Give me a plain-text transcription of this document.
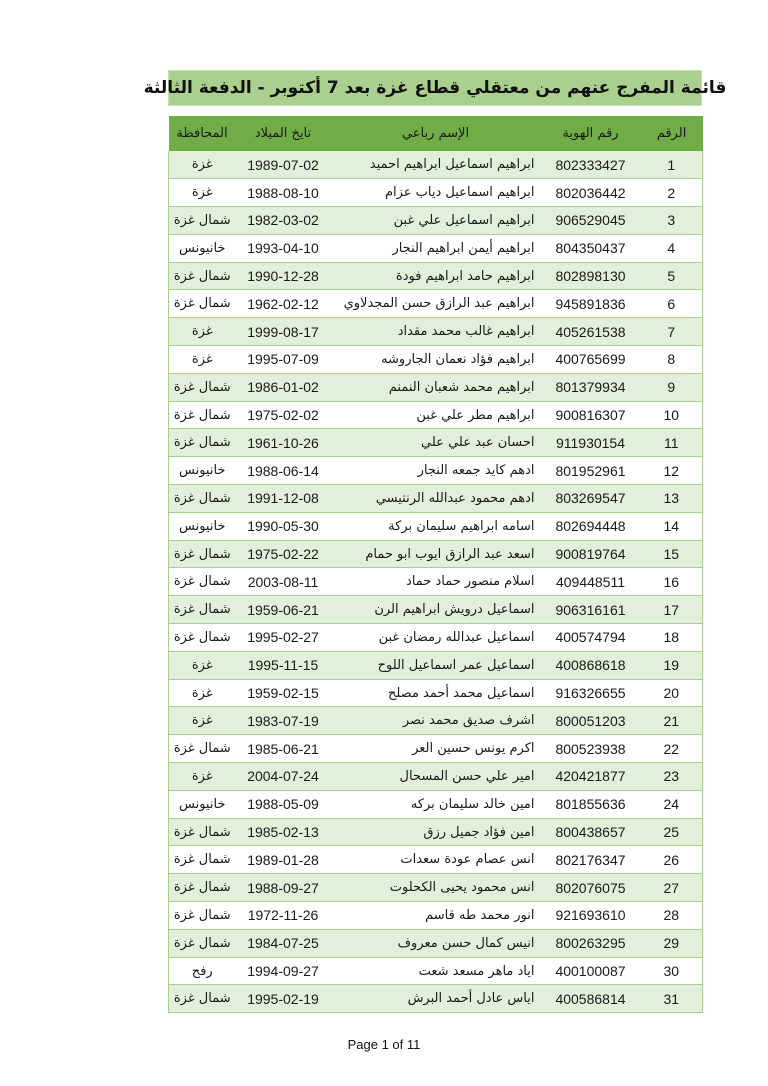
قائمة المفرج عنهم من معتقلي قطاع غزة بعد 7 أكتوبر - الدفعة الثالثة
الرقم	رقم الهوية	الإسم رباعي	تايخ الميلاد	المحافظة
1	802333427	ابراهيم اسماعيل ابراهيم احميد	1989-07-02	غزة
2	802036442	ابراهيم اسماعيل دياب عزام	1988-08-10	غزة
3	906529045	ابراهيم اسماعيل علي غبن	1982-03-02	شمال غزة
4	804350437	ابراهيم أيمن ابراهيم النجار	1993-04-10	خانيونس
5	802898130	ابراهيم حامد ابراهيم فودة	1990-12-28	شمال غزة
6	945891836	ابراهيم عبد الرازق حسن المجدلاوي	1962-02-12	شمال غزة
7	405261538	ابراهيم غالب محمد مقداد	1999-08-17	غزة
8	400765699	ابراهيم فؤاد نعمان الجاروشه	1995-07-09	غزة
9	801379934	ابراهيم محمد شعبان النمنم	1986-01-02	شمال غزة
10	900816307	ابراهيم مطر علي غبن	1975-02-02	شمال غزة
11	911930154	احسان عبد علي علي	1961-10-26	شمال غزة
12	801952961	ادهم كايد جمعه النجار	1988-06-14	خانيونس
13	803269547	ادهم محمود عبدالله الرنتيسي	1991-12-08	شمال غزة
14	802694448	اسامه ابراهيم سليمان بركة	1990-05-30	خانيونس
15	900819764	اسعد عبد الرازق ايوب ابو حمام	1975-02-22	شمال غزة
16	409448511	اسلام منصور حماد حماد	2003-08-11	شمال غزة
17	906316161	اسماعيل درويش ابراهيم الرن	1959-06-21	شمال غزة
18	400574794	اسماعيل عبدالله رمضان غبن	1995-02-27	شمال غزة
19	400868618	اسماعيل عمر اسماعيل اللوح	1995-11-15	غزة
20	916326655	اسماعيل محمد أحمد مصلح	1959-02-15	غزة
21	800051203	اشرف صديق محمد نصر	1983-07-19	غزة
22	800523938	اكرم يونس حسين العر	1985-06-21	شمال غزة
23	420421877	امير علي حسن المسحال	2004-07-24	غزة
24	801855636	امين خالد سليمان بركه	1988-05-09	خانيونس
25	800438657	امين فؤاد جميل رزق	1985-02-13	شمال غزة
26	802176347	انس عصام عودة سعدات	1989-01-28	شمال غزة
27	802076075	انس محمود يحيى الكحلوت	1988-09-27	شمال غزة
28	921693610	انور محمد طه قاسم	1972-11-26	شمال غزة
29	800263295	انيس كمال حسن معروف	1984-07-25	شمال غزة
30	400100087	اياد ماهر مسعد شعت	1994-09-27	رفح
31	400586814	اياس عادل أحمد البرش	1995-02-19	شمال غزة
Page 1 of 11
